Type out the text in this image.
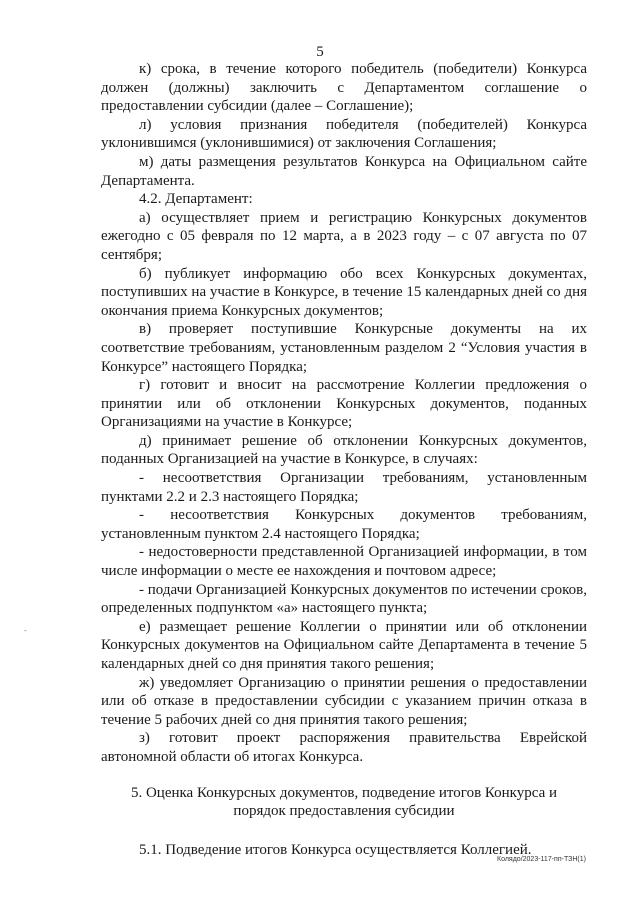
5

к) срока, в течение которого победитель (победители) Конкурса должен (должны) заключить с Департаментом соглашение о предоставлении субсидии (далее – Соглашение);

л) условия признания победителя (победителей) Конкурса уклонившимся (уклонившимися) от заключения Соглашения;

м) даты размещения результатов Конкурса на Официальном сайте Департамента.

4.2. Департамент:

а) осуществляет прием и регистрацию Конкурсных документов ежегодно с 05 февраля по 12 марта, а в 2023 году – с 07 августа по 07 сентября;

б) публикует информацию обо всех Конкурсных документах, поступивших на участие в Конкурсе, в течение 15 календарных дней со дня окончания приема Конкурсных документов;

в) проверяет поступившие Конкурсные документы на их соответствие требованиям, установленным разделом 2 “Условия участия в Конкурсе” настоящего Порядка;

г) готовит и вносит на рассмотрение Коллегии предложения о принятии или об отклонении Конкурсных документов, поданных Организациями на участие в Конкурсе;

д) принимает решение об отклонении Конкурсных документов, поданных Организацией на участие в Конкурсе, в случаях:

- несоответствия Организации требованиям, установленным пунктами 2.2 и 2.3 настоящего Порядка;

- несоответствия Конкурсных документов требованиям, установленным пунктом 2.4 настоящего Порядка;

- недостоверности представленной Организацией информации, в том числе информации о месте ее нахождения и почтовом адресе;

- подачи Организацией Конкурсных документов по истечении сроков, определенных подпунктом «а» настоящего пункта;

е) размещает решение Коллегии о принятии или об отклонении Конкурсных документов на Официальном сайте Департамента в течение 5 календарных дней со дня принятия такого решения;

ж) уведомляет Организацию о принятии решения о предоставлении или об отказе в предоставлении субсидии с указанием причин отказа в течение 5 рабочих дней со дня принятия такого решения;

з) готовит проект распоряжения правительства Еврейской автономной области об итогах Конкурса.

5. Оценка Конкурсных документов, подведение итогов Конкурса и
порядок предоставления субсидии

5.1. Подведение итогов Конкурса осуществляется Коллегией.

-
Колядо/2023-117-пп-ТЗН(1)
